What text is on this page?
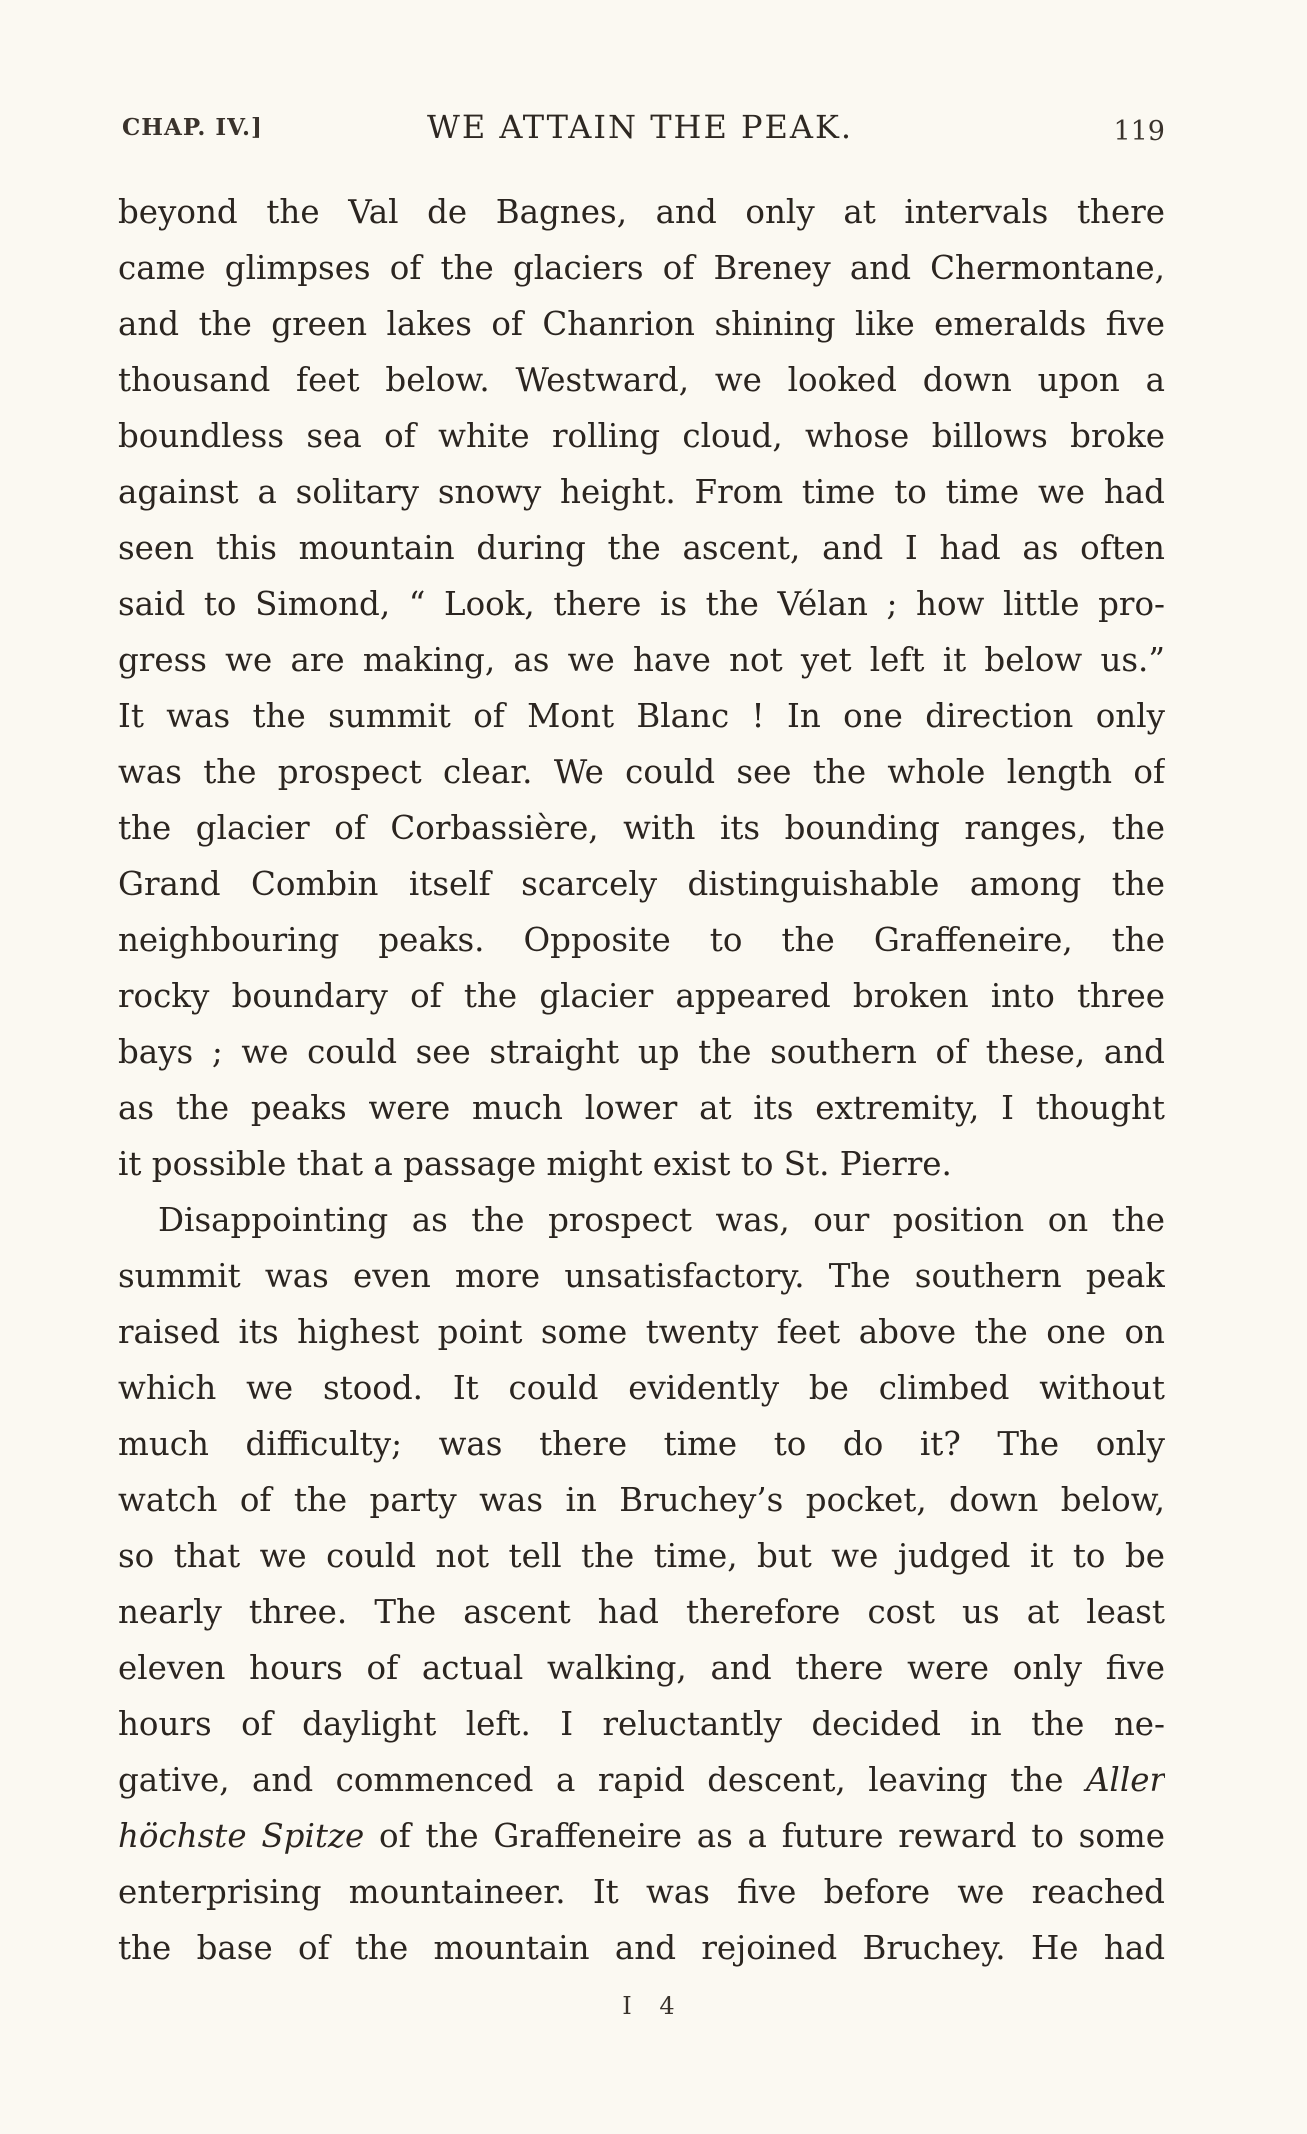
CHAP. IV.]	WE ATTAIN THE PEAK.	119
beyond the Val de Bagnes, and only at intervals there
came glimpses of the glaciers of Breney and Chermontane,
and the green lakes of Chanrion shining like emeralds five
thousand feet below. Westward, we looked down upon a
boundless sea of white rolling cloud, whose billows broke
against a solitary snowy height. From time to time we had
seen this mountain during the ascent, and I had as often
said to Simond, “ Look, there is the Vélan ; how little pro-
gress we are making, as we have not yet left it below us.”
It was the summit of Mont Blanc ! In one direction only
was the prospect clear. We could see the whole length of
the glacier of Corbassière, with its bounding ranges, the
Grand Combin itself scarcely distinguishable among the
neighbouring peaks. Opposite to the Graffeneire, the
rocky boundary of the glacier appeared broken into three
bays ; we could see straight up the southern of these, and
as the peaks were much lower at its extremity, I thought
it possible that a passage might exist to St. Pierre.
Disappointing as the prospect was, our position on the
summit was even more unsatisfactory. The southern peak
raised its highest point some twenty feet above the one on
which we stood. It could evidently be climbed without
much difficulty; was there time to do it? The only
watch of the party was in Bruchey’s pocket, down below,
so that we could not tell the time, but we judged it to be
nearly three. The ascent had therefore cost us at least
eleven hours of actual walking, and there were only five
hours of daylight left. I reluctantly decided in the ne-
gative, and commenced a rapid descent, leaving the Aller
höchste Spitze of the Graffeneire as a future reward to some
enterprising mountaineer. It was five before we reached
the base of the mountain and rejoined Bruchey. He had
I 4
